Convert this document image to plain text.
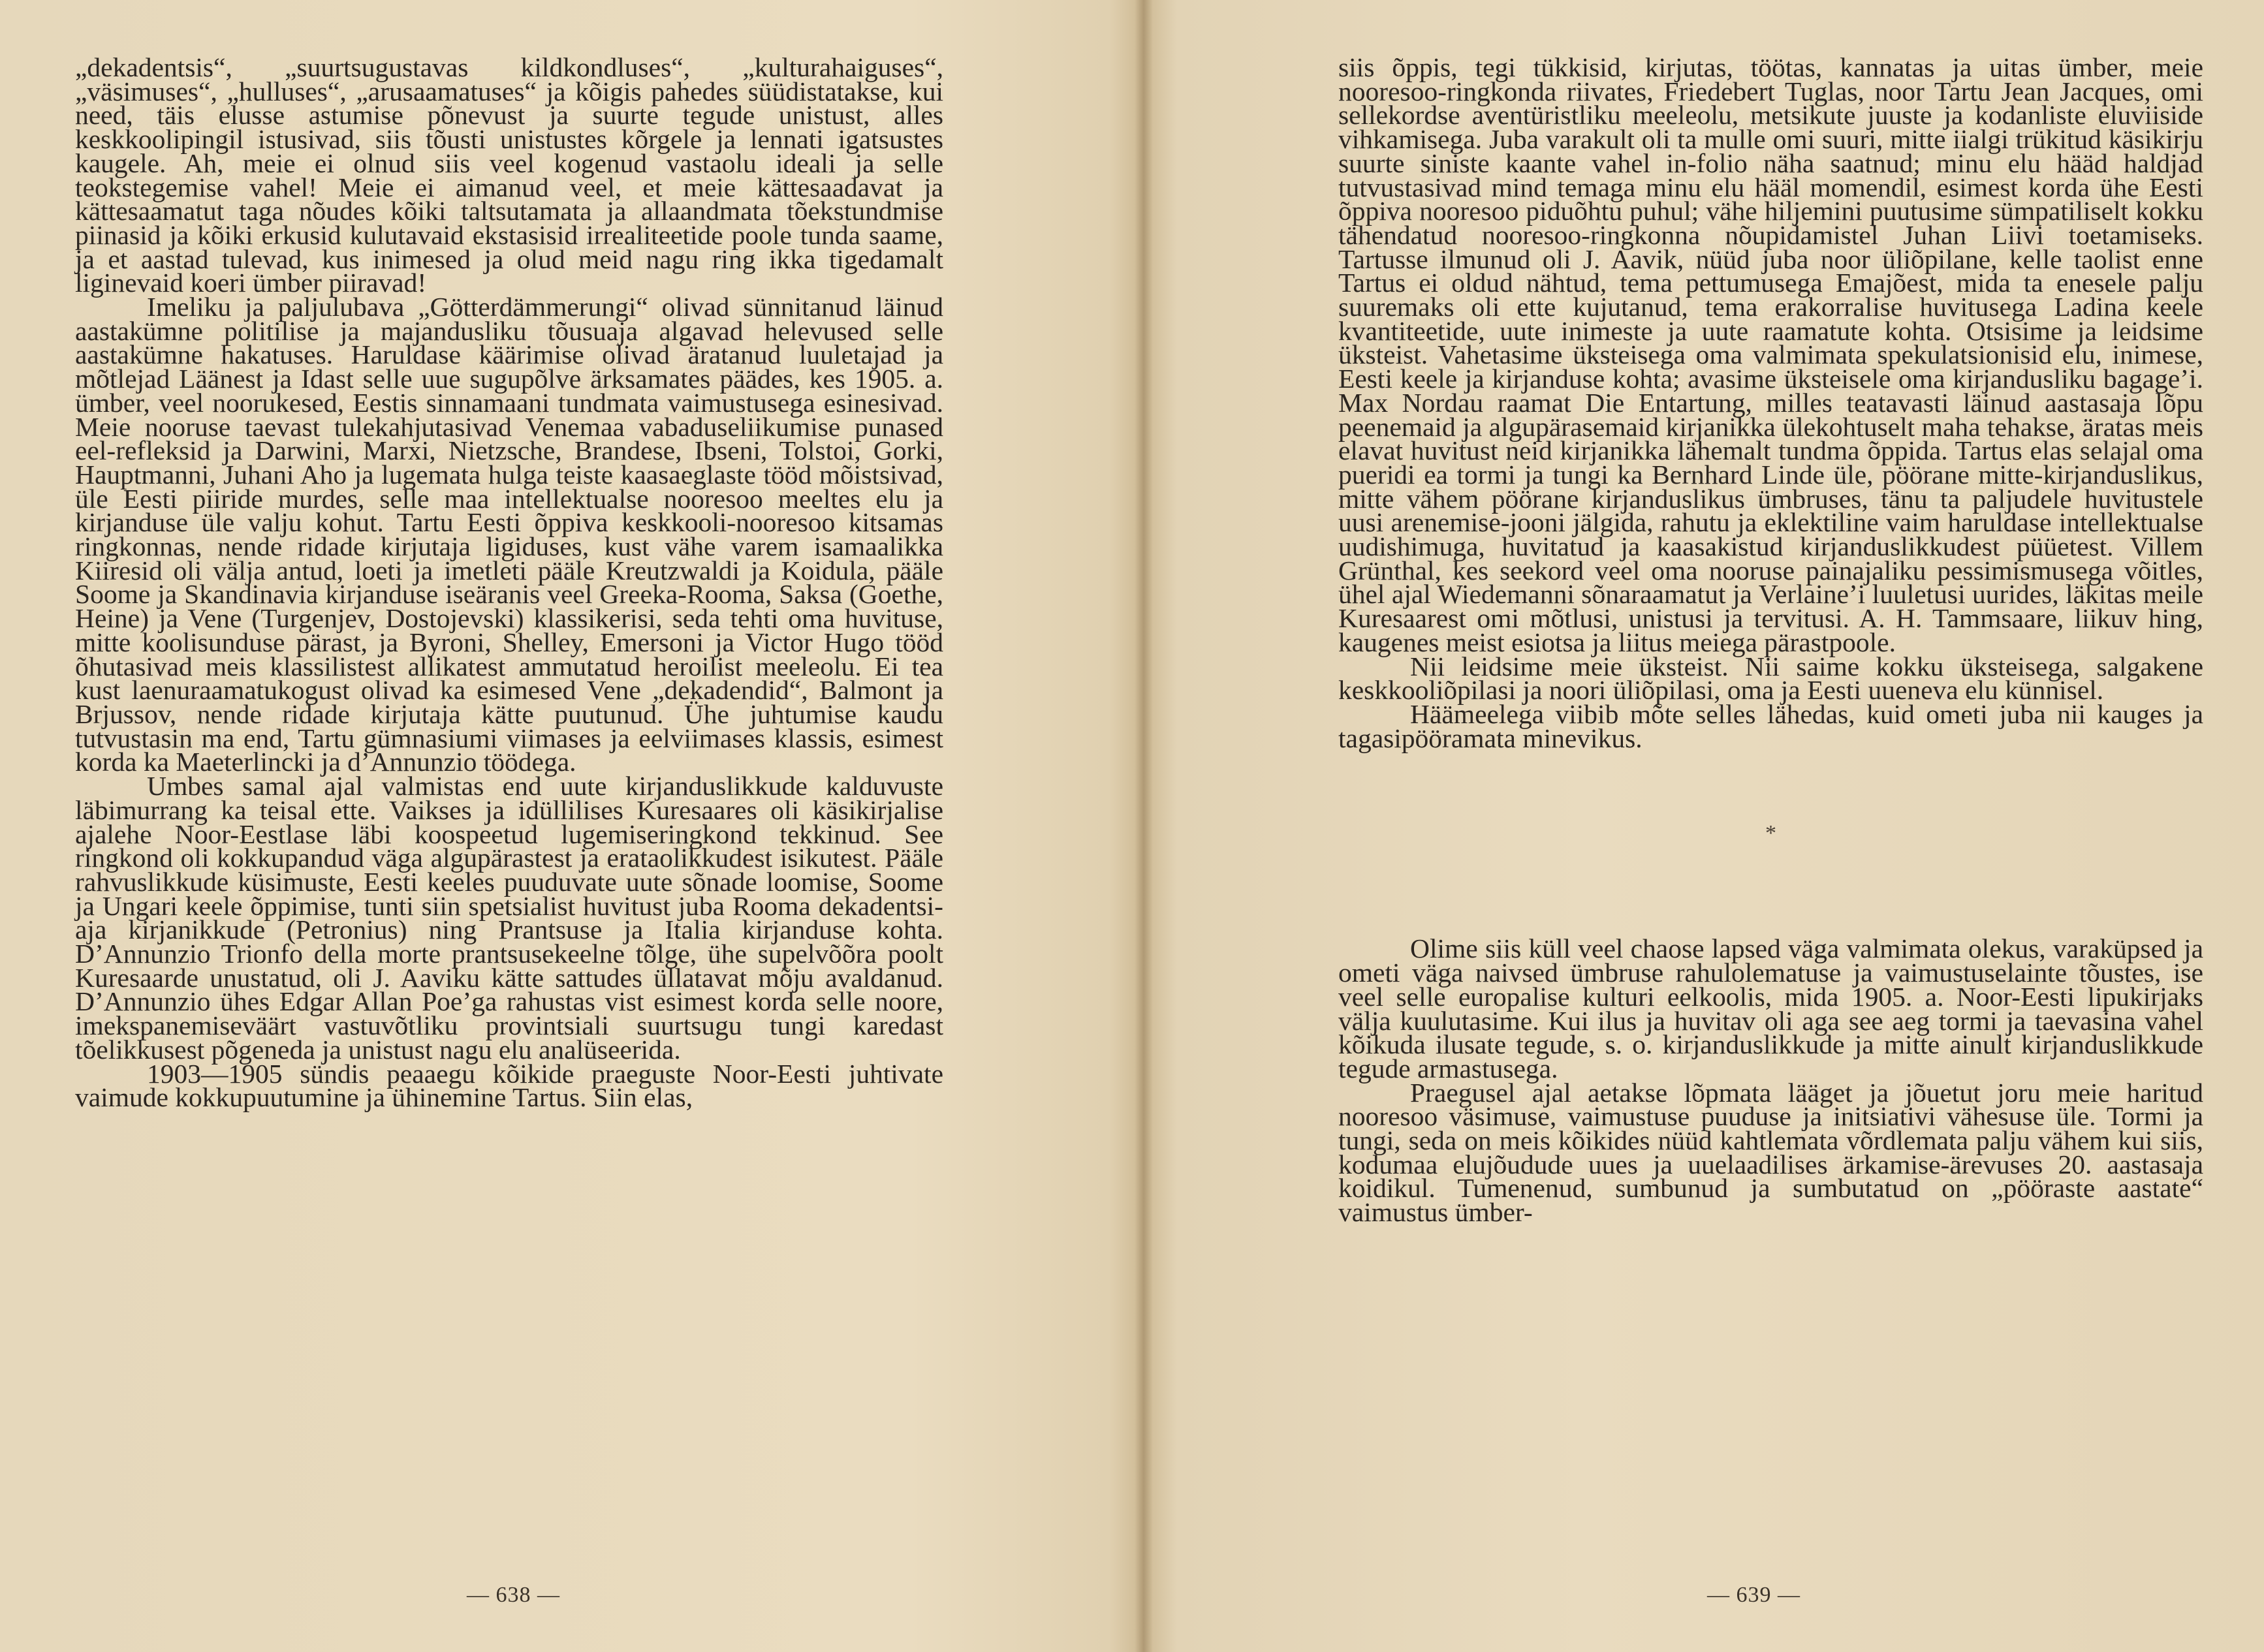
„dekadentsis“, „suurtsugustavas kildkondluses“, „kulturahaiguses“, „väsimuses“, „hulluses“, „arusaamatuses“ ja kõigis pahedes süüdistatakse, kui need, täis elusse astumise põnevust ja suurte tegude unistust, alles keskkoolipingil istusivad, siis tõusti unistustes kõrgele ja lennati igatsustes kaugele. Ah, meie ei olnud siis veel kogenud vastaolu ideali ja selle teokstegemise vahel! Meie ei aimanud veel, et meie kättesaadavat ja kättesaamatut taga nõudes kõiki taltsutamata ja allaandmata tõekstundmise piinasid ja kõiki erkusid kulutavaid ekstasisid irrealiteetide poole tunda saame, ja et aastad tulevad, kus inimesed ja olud meid nagu ring ikka tigedamalt liginevaid koeri ümber piiravad!

Imeliku ja paljulubava „Götterdämmerungi“ olivad sünnitanud läinud aastakümne politilise ja majandusliku tõusuaja algavad helevused selle aastakümne hakatuses. Haruldase käärimise olivad äratanud luuletajad ja mõtlejad Läänest ja Idast selle uue sugupõlve ärksamates päädes, kes 1905. a. ümber, veel noorukesed, Eestis sinnamaani tundmata vaimustusega esinesivad. Meie nooruse taevast tulekahjutasivad Venemaa vabaduseliikumise punased eel-refleksid ja Darwini, Marxi, Nietzsche, Brandese, Ibseni, Tolstoi, Gorki, Hauptmanni, Juhani Aho ja lugemata hulga teiste kaasaeglaste tööd mõistsivad, üle Eesti piiride murdes, selle maa intellektualse nooresoo meeltes elu ja kirjanduse üle valju kohut. Tartu Eesti õppiva keskkooli-nooresoo kitsamas ringkonnas, nende ridade kirjutaja ligiduses, kust vähe varem isamaalikka Kiiresid oli välja antud, loeti ja imetleti pääle Kreutzwaldi ja Koidula, pääle Soome ja Skandinavia kirjanduse iseäranis veel Greeka-Rooma, Saksa (Goethe, Heine) ja Vene (Turgenjev, Dostojevski) klassikerisi, seda tehti oma huvituse, mitte koolisunduse pärast, ja Byroni, Shelley, Emersoni ja Victor Hugo tööd õhutasivad meis klassilistest allikatest ammutatud heroilist meeleolu. Ei tea kust laenuraamatukogust olivad ka esimesed Vene „dekadendid“, Balmont ja Brjussov, nende ridade kirjutaja kätte puutunud. Ühe juhtumise kaudu tutvustasin ma end, Tartu gümnasiumi viimases ja eelviimases klassis, esimest korda ka Maeterlincki ja d’Annunzio töödega.

Umbes samal ajal valmistas end uute kirjanduslikkude kalduvuste läbimurrang ka teisal ette. Vaikses ja idüllilises Kuresaares oli käsikirjalise ajalehe Noor-Eestlase läbi koospeetud lugemiseringkond tekkinud. See ringkond oli kokkupandud väga algupärastest ja erataolikkudest isikutest. Pääle rahvuslikkude küsimuste, Eesti keeles puuduvate uute sõnade loomise, Soome ja Ungari keele õppimise, tunti siin spetsialist huvitust juba Rooma dekadentsi-aja kirjanikkude (Petronius) ning Prantsuse ja Italia kirjanduse kohta. D’Annunzio Trionfo della morte prantsusekeelne tõlge, ühe supelvõõra poolt Kuresaarde unustatud, oli J. Aaviku kätte sattudes üllatavat mõju avaldanud. D’Annunzio ühes Edgar Allan Poe’ga rahustas vist esimest korda selle noore, imekspanemiseväärt vastuvõtliku provintsiali suurtsugu tungi karedast tõelikkusest põgeneda ja unistust nagu elu analüseerida.

1903—1905 sündis peaaegu kõikide praeguste Noor-Eesti juhtivate vaimude kokkupuutumine ja ühinemine Tartus. Siin elas,

— 638 —

siis õppis, tegi tükkisid, kirjutas, töötas, kannatas ja uitas ümber, meie nooresoo-ringkonda riivates, Friedebert Tuglas, noor Tartu Jean Jacques, omi sellekordse aventüristliku meeleolu, metsikute juuste ja kodanliste eluviiside vihkamisega. Juba varakult oli ta mulle omi suuri, mitte iialgi trükitud käsikirju suurte siniste kaante vahel in-folio näha saatnud; minu elu hääd haldjad tutvustasivad mind temaga minu elu hääl momendil, esimest korda ühe Eesti õppiva nooresoo piduõhtu puhul; vähe hiljemini puutusime sümpatiliselt kokku tähendatud nooresoo-ringkonna nõupidamistel Juhan Liivi toetamiseks. Tartusse ilmunud oli J. Aavik, nüüd juba noor üliõpilane, kelle taolist enne Tartus ei oldud nähtud, tema pettumusega Emajõest, mida ta enesele palju suuremaks oli ette kujutanud, tema erakorralise huvitusega Ladina keele kvantiteetide, uute inimeste ja uute raamatute kohta. Otsisime ja leidsime üksteist. Vahetasime üksteisega oma valmimata spekulatsionisid elu, inimese, Eesti keele ja kirjanduse kohta; avasime üksteisele oma kirjandusliku bagage’i. Max Nordau raamat Die Entartung, milles teatavasti läinud aastasaja lõpu peenemaid ja algupärasemaid kirjanikka ülekohtuselt maha tehakse, äratas meis elavat huvitust neid kirjanikka lähemalt tundma õppida. Tartus elas selajal oma pueridi ea tormi ja tungi ka Bernhard Linde üle, pöörane mitte-kirjanduslikus, mitte vähem pöörane kirjanduslikus ümbruses, tänu ta paljudele huvitustele uusi arenemise-jooni jälgida, rahutu ja eklektiline vaim haruldase intellektualse uudishimuga, huvitatud ja kaasakistud kirjanduslikkudest püüetest. Villem Grünthal, kes seekord veel oma nooruse painajaliku pessimismusega võitles, ühel ajal Wiedemanni sõnaraamatut ja Verlaine’i luuletusi uurides, läkitas meile Kuresaarest omi mõtlusi, unistusi ja tervitusi. A. H. Tammsaare, liikuv hing, kaugenes meist esiotsa ja liitus meiega pärastpoole.

Nii leidsime meie üksteist. Nii saime kokku üksteisega, salgakene keskkooliõpilasi ja noori üliõpilasi, oma ja Eesti uueneva elu künnisel.

Häämeelega viibib mõte selles lähedas, kuid ometi juba nii kauges ja tagasipööramata minevikus.

*

Olime siis küll veel chaose lapsed väga valmimata olekus, varaküpsed ja ometi väga naivsed ümbruse rahulolematuse ja vaimustuselainte tõustes, ise veel selle europalise kulturi eelkoolis, mida 1905. a. Noor-Eesti lipukirjaks välja kuulutasime. Kui ilus ja huvitav oli aga see aeg tormi ja taevasina vahel kõikuda ilusate tegude, s. o. kirjanduslikkude ja mitte ainult kirjanduslikkude tegude armastusega.

Praegusel ajal aetakse lõpmata lääget ja jõuetut joru meie haritud nooresoo väsimuse, vaimustuse puuduse ja initsiativi vähesuse üle. Tormi ja tungi, seda on meis kõikides nüüd kahtlemata võrdlemata palju vähem kui siis, kodumaa elujõudude uues ja uuelaadilises ärkamise-ärevuses 20. aastasaja koidikul. Tumenenud, sumbunud ja sumbutatud on „pööraste aastate“ vaimustus ümber-

— 639 —
